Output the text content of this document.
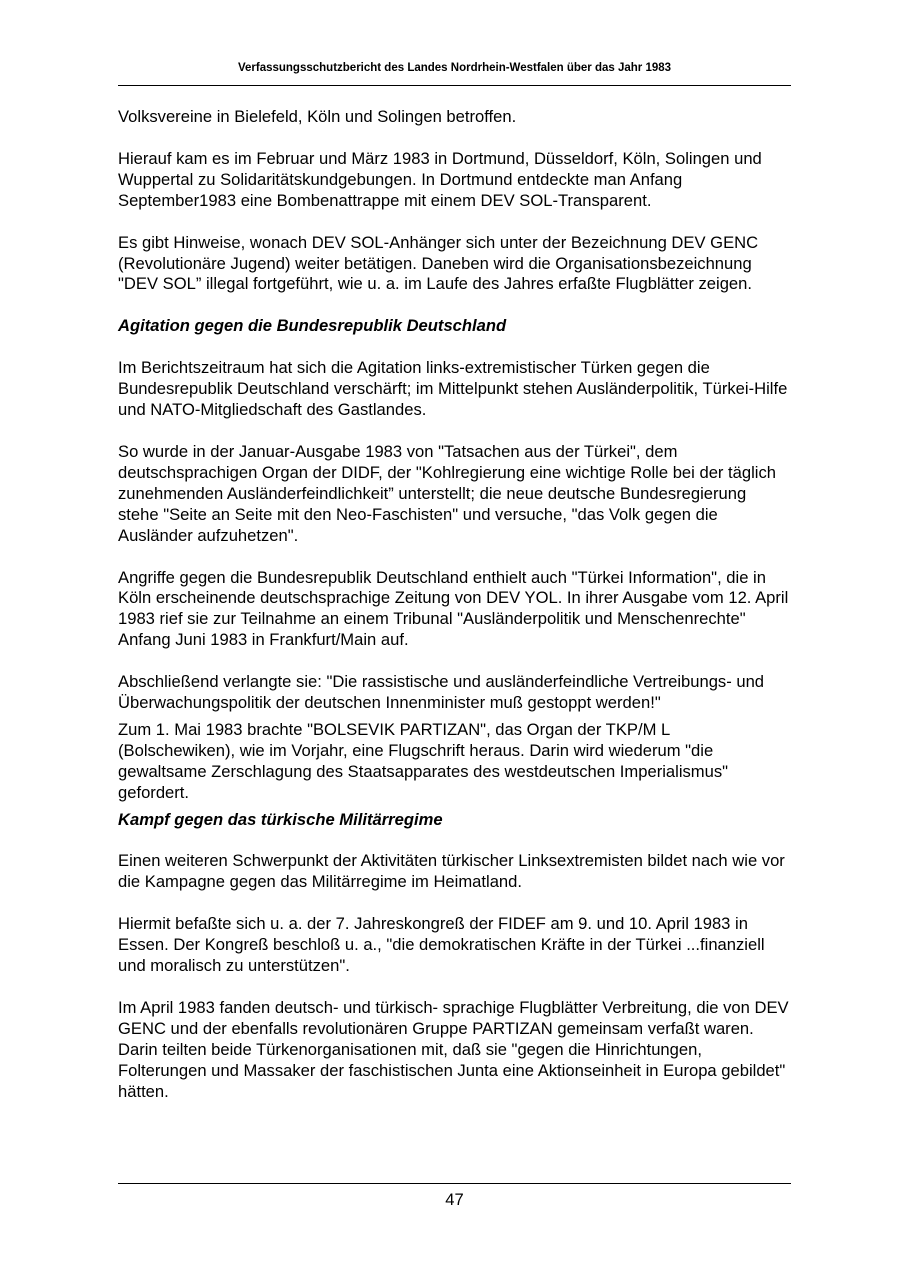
Verfassungsschutzbericht des Landes Nordrhein-Westfalen über das Jahr 1983

Volksvereine in Bielefeld, Köln und Solingen betroffen.

Hierauf kam es im Februar und März 1983 in Dortmund, Düsseldorf, Köln, Solingen und Wuppertal zu Solidaritätskundgebungen. In Dortmund entdeckte man Anfang September1983 eine Bombenattrappe mit einem DEV SOL-Transparent.

Es gibt Hinweise, wonach DEV SOL-Anhänger sich unter der Bezeichnung DEV GENC (Revolutionäre Jugend) weiter betätigen. Daneben wird die Organisationsbezeichnung "DEV SOL” illegal fortgeführt, wie u. a. im Laufe des Jahres erfaßte Flugblätter zeigen.

Agitation gegen die Bundesrepublik Deutschland

Im Berichtszeitraum hat sich die Agitation links-extremistischer Türken gegen die Bundesrepublik Deutschland verschärft; im Mittelpunkt stehen Ausländerpolitik, Türkei-Hilfe und NATO-Mitgliedschaft des Gastlandes.

So wurde in der Januar-Ausgabe 1983 von "Tatsachen aus der Türkei", dem deutschsprachigen Organ der DIDF, der "Kohlregierung eine wichtige Rolle bei der täglich zunehmenden Ausländerfeindlichkeit” unterstellt; die neue deutsche Bundesregierung stehe "Seite an Seite mit den Neo-Faschisten" und versuche, "das Volk gegen die Ausländer aufzuhetzen".

Angriffe gegen die Bundesrepublik Deutschland enthielt auch "Türkei Information", die in Köln erscheinende deutschsprachige Zeitung von DEV YOL. In ihrer Ausgabe vom 12. April 1983 rief sie zur Teilnahme an einem Tribunal "Ausländerpolitik und Menschenrechte" Anfang Juni 1983 in Frankfurt/Main auf.

Abschließend verlangte sie: "Die rassistische und ausländerfeindliche Vertreibungs- und Überwachungspolitik der deutschen Innenminister muß gestoppt werden!"

Zum 1. Mai 1983 brachte "BOLSEVIK PARTIZAN", das Organ der TKP/M L (Bolschewiken), wie im Vorjahr, eine Flugschrift heraus. Darin wird wiederum "die gewaltsame Zerschlagung des Staatsapparates des westdeutschen Imperialismus" gefordert.

Kampf gegen das türkische Militärregime

Einen weiteren Schwerpunkt der Aktivitäten türkischer Linksextremisten bildet nach wie vor die Kampagne gegen das Militärregime im Heimatland.

Hiermit befaßte sich u. a. der 7. Jahreskongreß der FIDEF am 9. und 10. April 1983 in Essen. Der Kongreß beschloß u. a., "die demokratischen Kräfte in der Türkei ...finanziell und moralisch zu unterstützen".

Im April 1983 fanden deutsch- und türkisch- sprachige Flugblätter Verbreitung, die von DEV GENC und der ebenfalls revolutionären Gruppe PARTIZAN gemeinsam verfaßt waren. Darin teilten beide Türkenorganisationen mit, daß sie "gegen die Hinrichtungen, Folterungen und Massaker der faschistischen Junta eine Aktionseinheit in Europa gebildet" hätten.

47
